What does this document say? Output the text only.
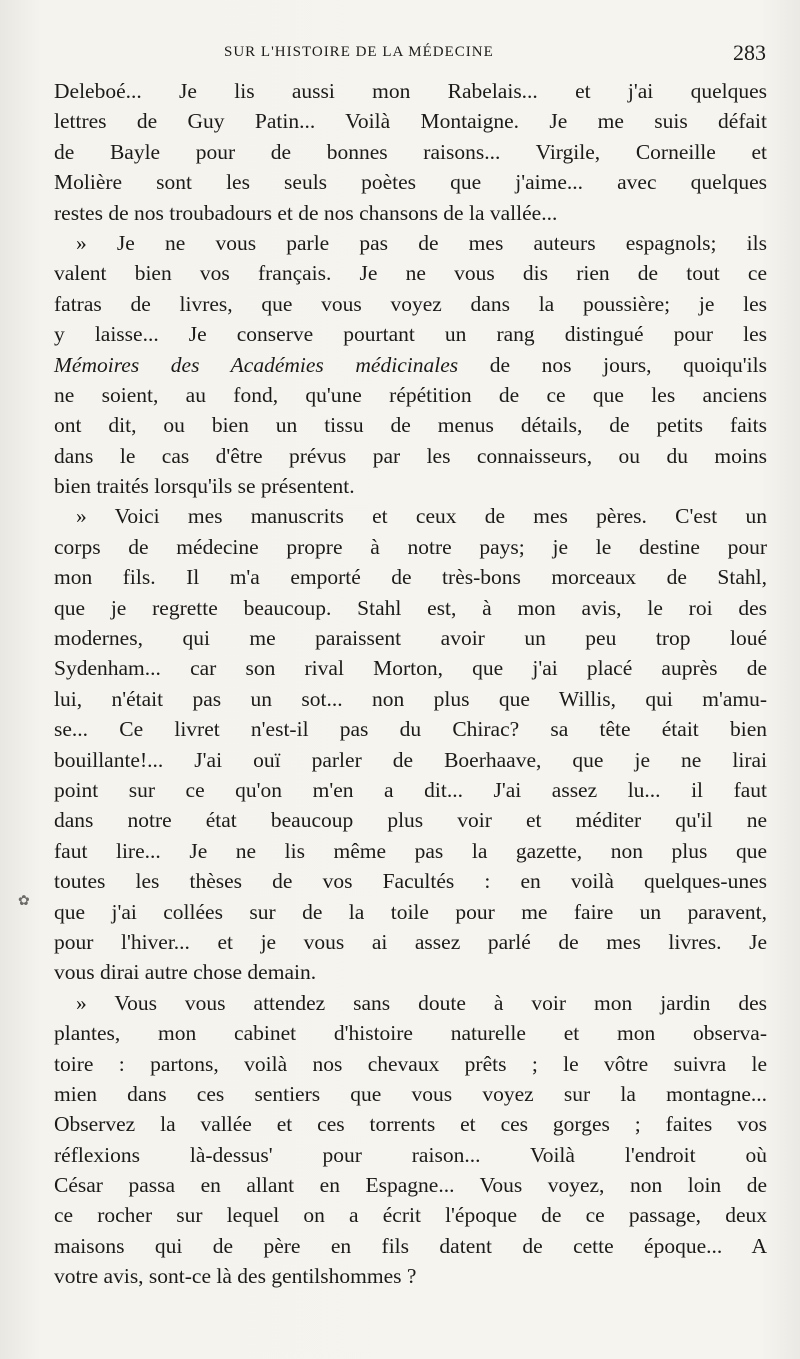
SUR L'HISTOIRE DE LA MÉDECINE	283
✿
Deleboé... Je lis aussi mon Rabelais... et j'ai quelques
lettres de Guy Patin... Voilà Montaigne. Je me suis défait
de Bayle pour de bonnes raisons... Virgile, Corneille et
Molière sont les seuls poètes que j'aime... avec quelques
restes de nos troubadours et de nos chansons de la vallée...
» Je ne vous parle pas de mes auteurs espagnols; ils
valent bien vos français. Je ne vous dis rien de tout ce
fatras de livres, que vous voyez dans la poussière; je les
y laisse... Je conserve pourtant un rang distingué pour les
Mémoires des Académies médicinales de nos jours, quoiqu'ils
ne soient, au fond, qu'une répétition de ce que les anciens
ont dit, ou bien un tissu de menus détails, de petits faits
dans le cas d'être prévus par les connaisseurs, ou du moins
bien traités lorsqu'ils se présentent.
» Voici mes manuscrits et ceux de mes pères. C'est un
corps de médecine propre à notre pays; je le destine pour
mon fils. Il m'a emporté de très-bons morceaux de Stahl,
que je regrette beaucoup. Stahl est, à mon avis, le roi des
modernes, qui me paraissent avoir un peu trop loué
Sydenham... car son rival Morton, que j'ai placé auprès de
lui, n'était pas un sot... non plus que Willis, qui m'amu-
se... Ce livret n'est-il pas du Chirac? sa tête était bien
bouillante!... J'ai ouï parler de Boerhaave, que je ne lirai
point sur ce qu'on m'en a dit... J'ai assez lu... il faut
dans notre état beaucoup plus voir et méditer qu'il ne
faut lire... Je ne lis même pas la gazette, non plus que
toutes les thèses de vos Facultés : en voilà quelques-unes
que j'ai collées sur de la toile pour me faire un paravent,
pour l'hiver... et je vous ai assez parlé de mes livres. Je
vous dirai autre chose demain.
» Vous vous attendez sans doute à voir mon jardin des
plantes, mon cabinet d'histoire naturelle et mon observa-
toire : partons, voilà nos chevaux prêts ; le vôtre suivra le
mien dans ces sentiers que vous voyez sur la montagne...
Observez la vallée et ces torrents et ces gorges ; faites vos
réflexions là-dessus' pour raison... Voilà l'endroit où
César passa en allant en Espagne... Vous voyez, non loin de
ce rocher sur lequel on a écrit l'époque de ce passage, deux
maisons qui de père en fils datent de cette époque... A
votre avis, sont-ce là des gentilshommes ?
